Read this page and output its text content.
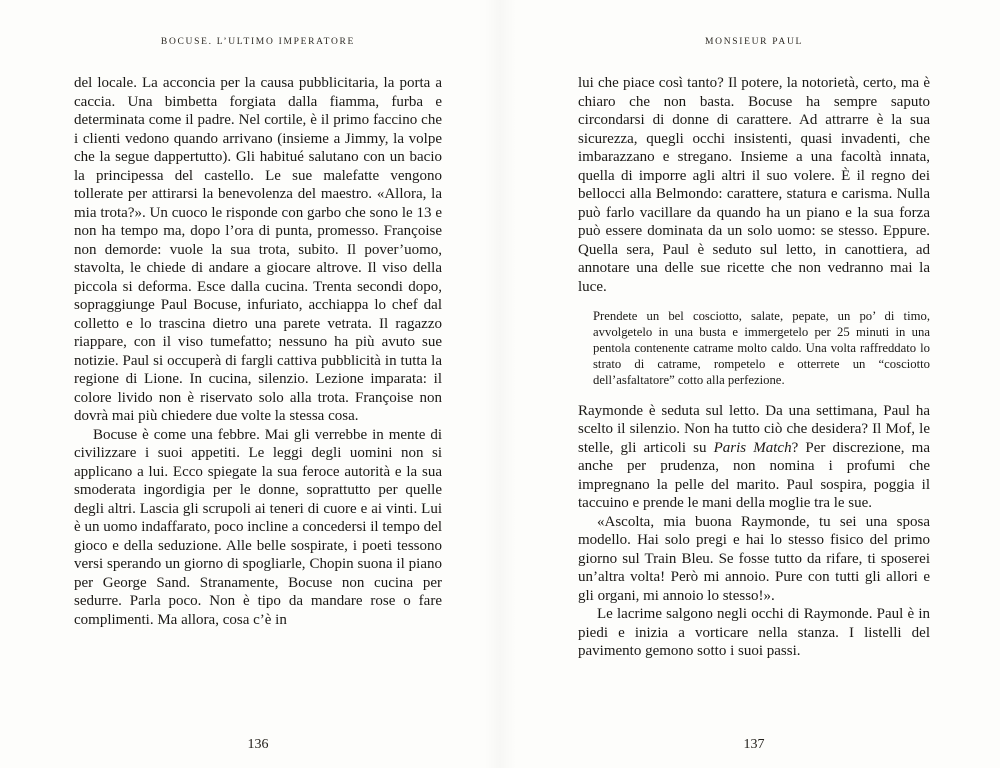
BOCUSE. L’ULTIMO IMPERATORE

del locale. La acconcia per la causa pubblicitaria, la porta a caccia. Una bimbetta forgiata dalla fiamma, furba e determinata come il padre. Nel cortile, è il primo faccino che i clienti vedono quando arrivano (insieme a Jimmy, la volpe che la segue dappertutto). Gli habitué salutano con un bacio la principessa del castello. Le sue malefatte vengono tollerate per attirarsi la benevolenza del maestro. «Allora, la mia trota?». Un cuoco le risponde con garbo che sono le 13 e non ha tempo ma, dopo l’ora di punta, promesso. Françoise non demorde: vuole la sua trota, subito. Il pover’uomo, stavolta, le chiede di andare a giocare altrove. Il viso della piccola si deforma. Esce dalla cucina. Trenta secondi dopo, sopraggiunge Paul Bocuse, infuriato, acchiappa lo chef dal colletto e lo trascina dietro una parete vetrata. Il ragazzo riappare, con il viso tumefatto; nessuno ha più avuto sue notizie. Paul si occuperà di fargli cattiva pubblicità in tutta la regione di Lione. In cucina, silenzio. Lezione imparata: il colore livido non è riservato solo alla trota. Françoise non dovrà mai più chiedere due volte la stessa cosa.

Bocuse è come una febbre. Mai gli verrebbe in mente di civilizzare i suoi appetiti. Le leggi degli uomini non si applicano a lui. Ecco spiegate la sua feroce autorità e la sua smoderata ingordigia per le donne, soprattutto per quelle degli altri. Lascia gli scrupoli ai teneri di cuore e ai vinti. Lui è un uomo indaffarato, poco incline a concedersi il tempo del gioco e della seduzione. Alle belle sospirate, i poeti tessono versi sperando un giorno di spogliarle, Chopin suona il piano per George Sand. Stranamente, Bocuse non cucina per sedurre. Parla poco. Non è tipo da mandare rose o fare complimenti. Ma allora, cosa c’è in

136
MONSIEUR PAUL

lui che piace così tanto? Il potere, la notorietà, certo, ma è chiaro che non basta. Bocuse ha sempre saputo circondarsi di donne di carattere. Ad attrarre è la sua sicurezza, quegli occhi insistenti, quasi invadenti, che imbarazzano e stregano. Insieme a una facoltà innata, quella di imporre agli altri il suo volere. È il regno dei bellocci alla Belmondo: carattere, statura e carisma. Nulla può farlo vacillare da quando ha un piano e la sua forza può essere dominata da un solo uomo: se stesso. Eppure. Quella sera, Paul è seduto sul letto, in canottiera, ad annotare una delle sue ricette che non vedranno mai la luce.

Prendete un bel cosciotto, salate, pepate, un po’ di timo, avvolgetelo in una busta e immergetelo per 25 minuti in una pentola contenente catrame molto caldo. Una volta raffreddato lo strato di catrame, rompetelo e otterrete un “cosciotto dell’asfaltatore” cotto alla perfezione.

Raymonde è seduta sul letto. Da una settimana, Paul ha scelto il silenzio. Non ha tutto ciò che desidera? Il Mof, le stelle, gli articoli su Paris Match? Per discrezione, ma anche per prudenza, non nomina i profumi che impregnano la pelle del marito. Paul sospira, poggia il taccuino e prende le mani della moglie tra le sue.

«Ascolta, mia buona Raymonde, tu sei una sposa modello. Hai solo pregi e hai lo stesso fisico del primo giorno sul Train Bleu. Se fosse tutto da rifare, ti sposerei un’altra volta! Però mi annoio. Pure con tutti gli allori e gli organi, mi annoio lo stesso!».

Le lacrime salgono negli occhi di Raymonde. Paul è in piedi e inizia a vorticare nella stanza. I listelli del pavimento gemono sotto i suoi passi.

137
